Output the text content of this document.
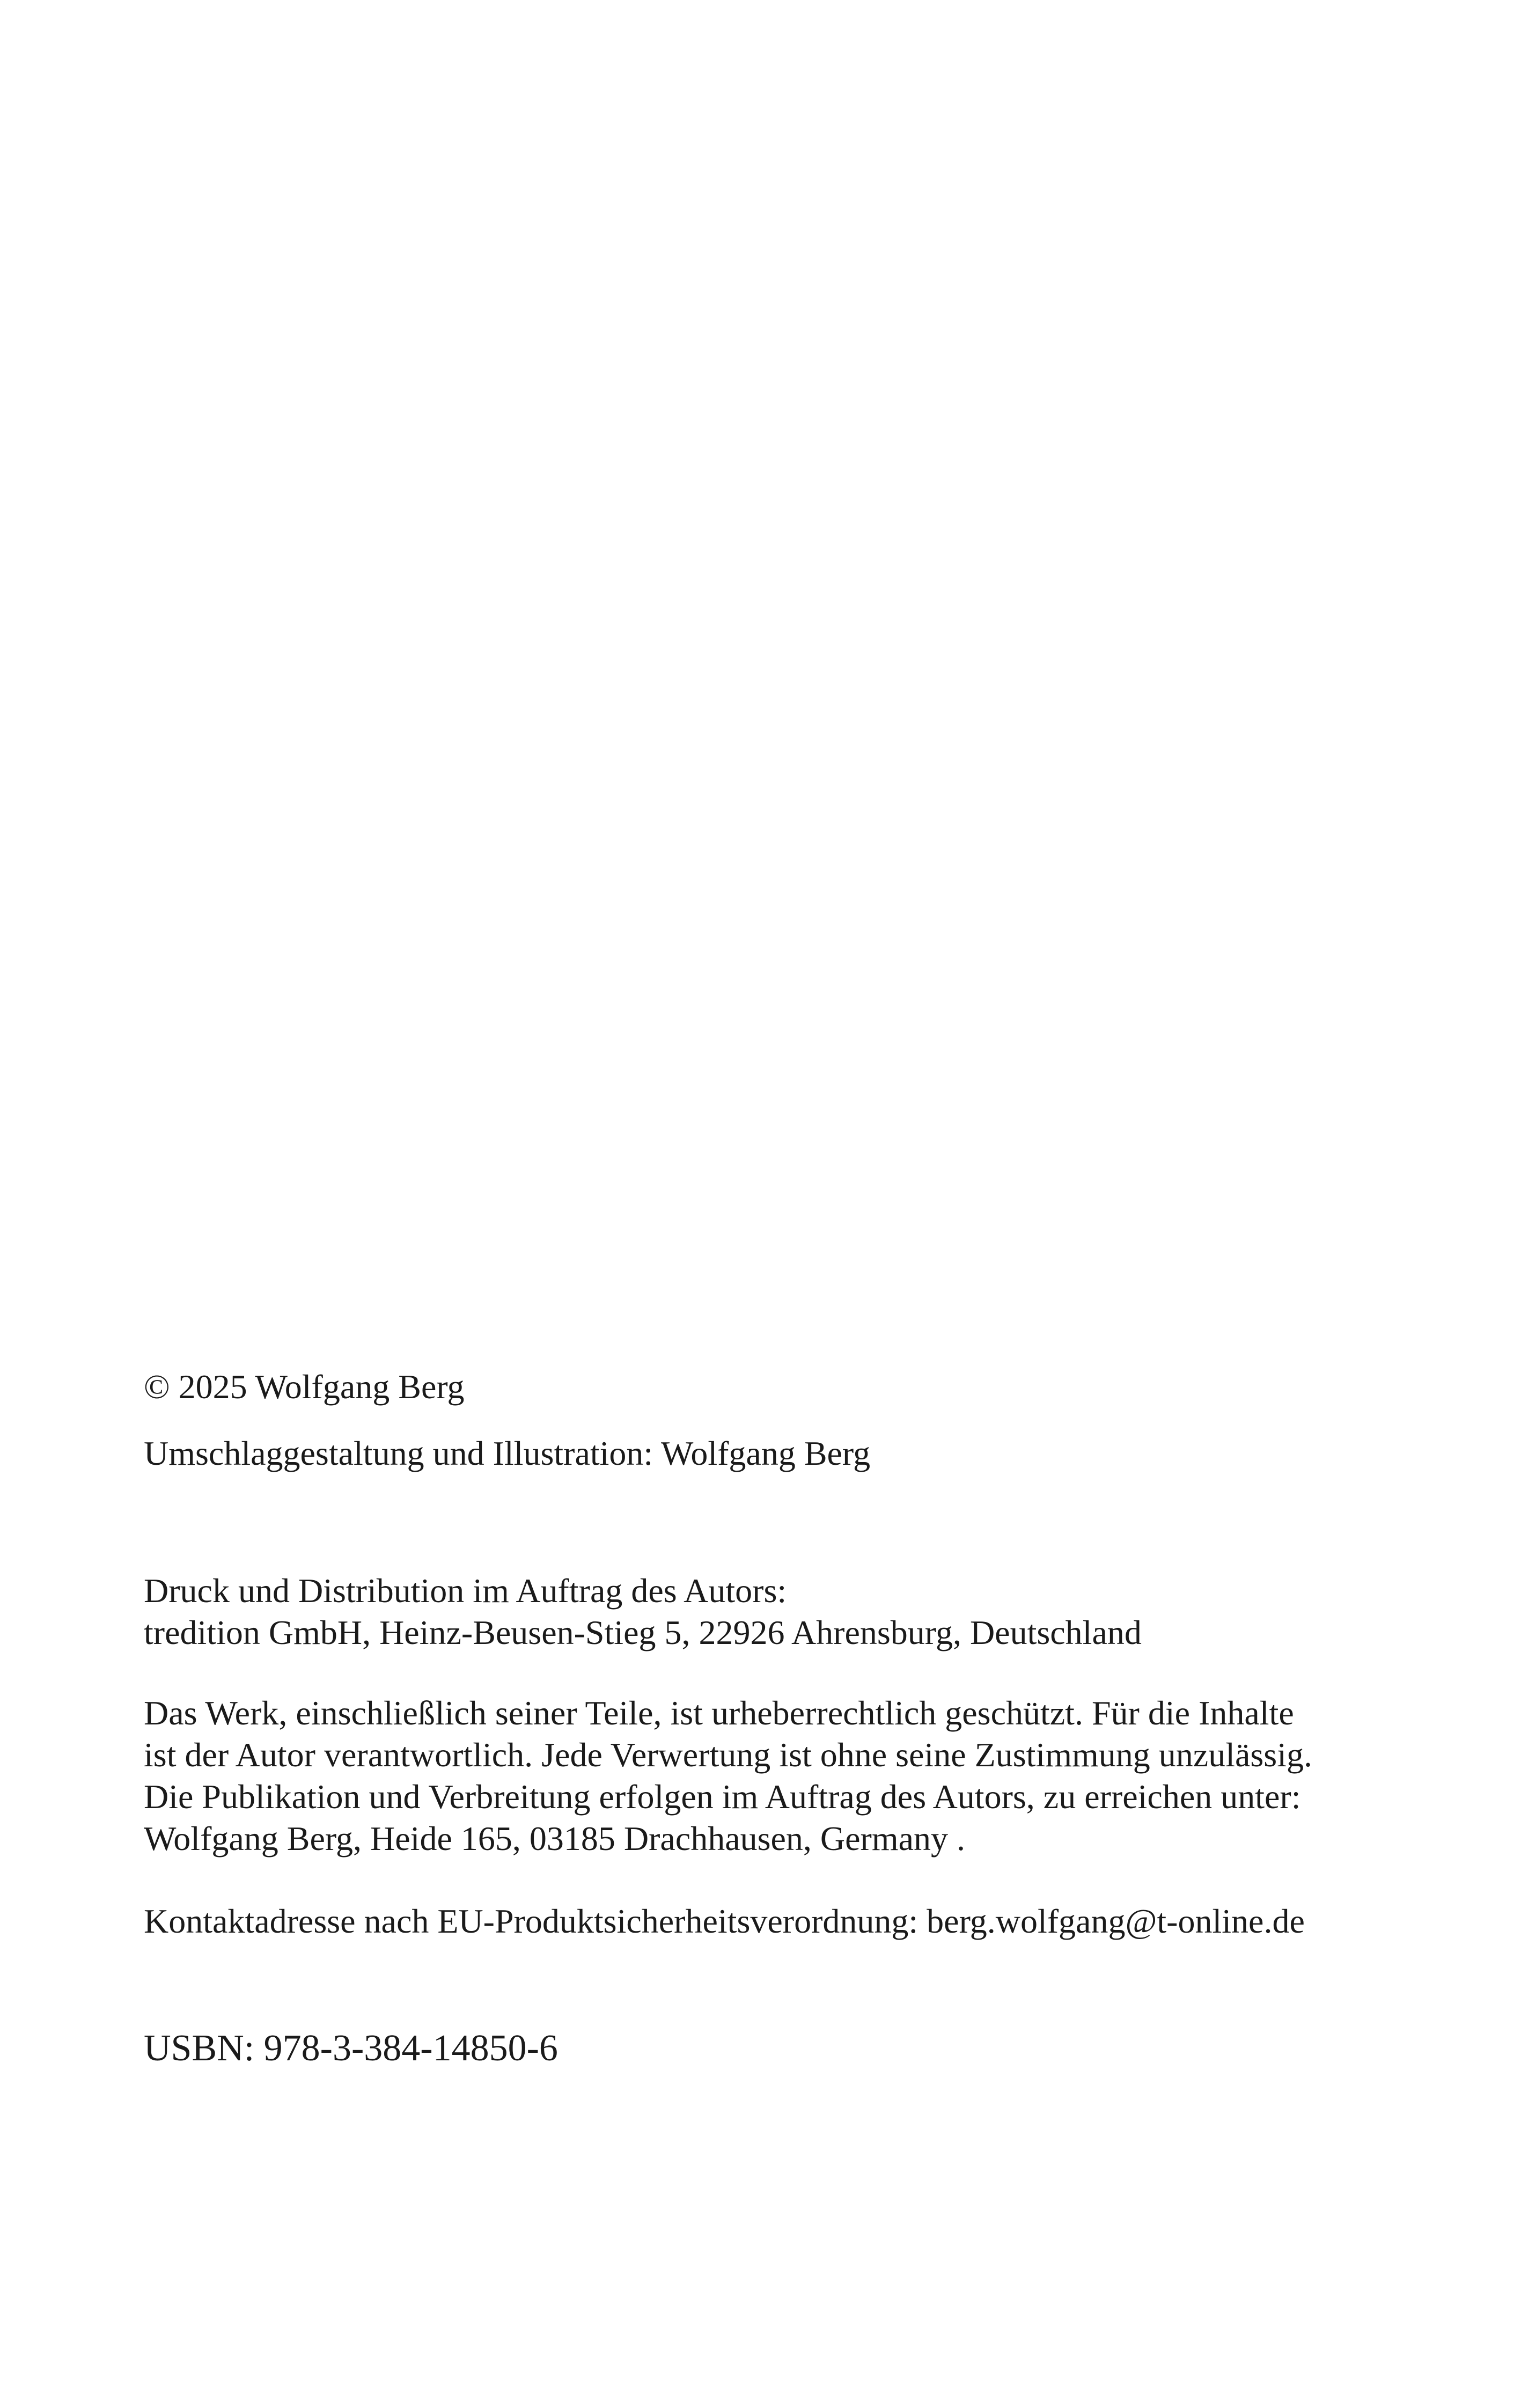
© 2025 Wolfgang Berg
Umschlaggestaltung und Illustration: Wolfgang Berg
Druck und Distribution im Auftrag des Autors:
tredition GmbH, Heinz-Beusen-Stieg 5, 22926 Ahrensburg, Deutschland
Das Werk, einschließlich seiner Teile, ist urheberrechtlich geschützt. Für die Inhalte
ist der Autor verantwortlich. Jede Verwertung ist ohne seine Zustimmung unzulässig.
Die Publikation und Verbreitung erfolgen im Auftrag des Autors, zu erreichen unter:
Wolfgang Berg, Heide 165, 03185 Drachhausen, Germany .
Kontaktadresse nach EU-Produktsicherheitsverordnung: berg.wolfgang@t-online.de
USBN: 978-3-384-14850-6
